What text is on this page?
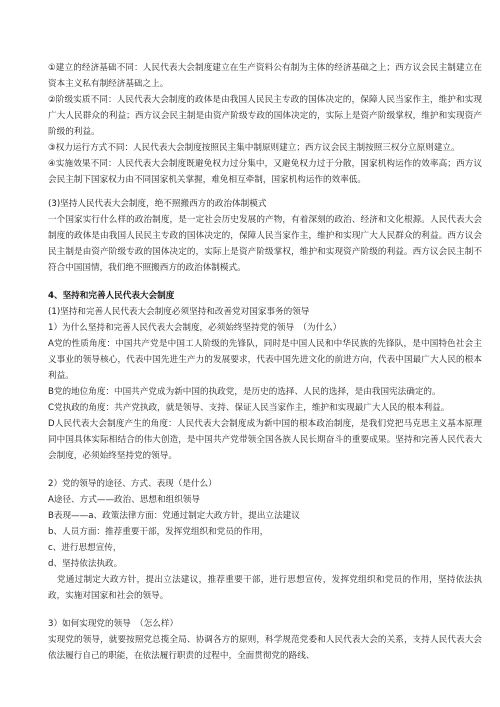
①建立的经济基础不同：人民代表大会制度建立在生产资料公有制为主体的经济基础之上；西方议会民主制建立在资本主义私有制经济基础之上。
②阶级实质不同：人民代表大会制度的政体是由我国人民民主专政的国体决定的，保障人民当家作主，维护和实现广大人民群众的利益；西方议会民主制是由资产阶级专政的国体决定的，实际上是资产阶级掌权，维护和实现资产阶级的利益。
③权力运行方式不同：人民代表大会制度按照民主集中制原则建立；西方议会民主制按照三权分立原则建立。
④实施效果不同：人民代表大会制度既避免权力过分集中，又避免权力过于分散，国家机构运作的效率高；西方议会民主制下国家权力由不同国家机关掌握，难免相互牵制，国家机构运作的效率低。

(3)坚持人民代表大会制度，绝不照搬西方的政治体制模式
一个国家实行什么样的政治制度，是一定社会历史发展的产物，有着深刻的政治、经济和文化根源。人民代表大会制度的政体是由我国人民民主专政的国体决定的，保障人民当家作主，维护和实现广大人民群众的利益。西方议会民主制是由资产阶级专政的国体决定的，实际上是资产阶级掌权，维护和实现资产阶级的利益。西方议会民主制不符合中国国情，我们绝不照搬西方的政治体制模式。

4、坚持和完善人民代表大会制度

(1)坚持和完善人民代表大会制度必须坚持和改善党对国家事务的领导
1）为什么坚持和完善人民代表大会制度，必须始终坚持党的领导　（为什么）
A党的性质角度：中国共产党是中国工人阶级的先锋队，同时是中国人民和中华民族的先锋队，是中国特色社会主义事业的领导核心，代表中国先进生产力的发展要求，代表中国先进文化的前进方向，代表中国最广大人民的根本利益。
B党的地位角度：中国共产党成为新中国的执政党，是历史的选择、人民的选择，是由我国宪法确定的。
C党执政的角度：共产党执政，就是领导、支持、保证人民当家作主，维护和实现最广大人民的根本利益。
D人民代表大会制度产生的角度：人民代表大会制度成为新中国的根本政治制度，是我们党把马克思主义基本原理同中国具体实际相结合的伟大创造，是中国共产党带领全国各族人民长期奋斗的重要成果。坚持和完善人民代表大会制度，必须始终坚持党的领导。

2）党的领导的途径、方式、表现（是什么）
A途径、方式——政治、思想和组织领导
B表现——a、政策法律方面：党通过制定大政方针，提出立法建议
b、人员方面：推荐重要干部，发挥党组织和党员的作用，
c、进行思想宣传，
d、坚持依法执政。
　党通过制定大政方针，提出立法建议，推荐重要干部，进行思想宣传，发挥党组织和党员的作用，坚持依法执政，实施对国家和社会的领导。

3）如何实现党的领导　（怎么样）
实现党的领导，就要按照党总揽全局、协调各方的原则，科学规范党委和人民代表大会的关系，支持人民代表大会依法履行自己的职能，在依法履行职责的过程中，全面贯彻党的路线、
